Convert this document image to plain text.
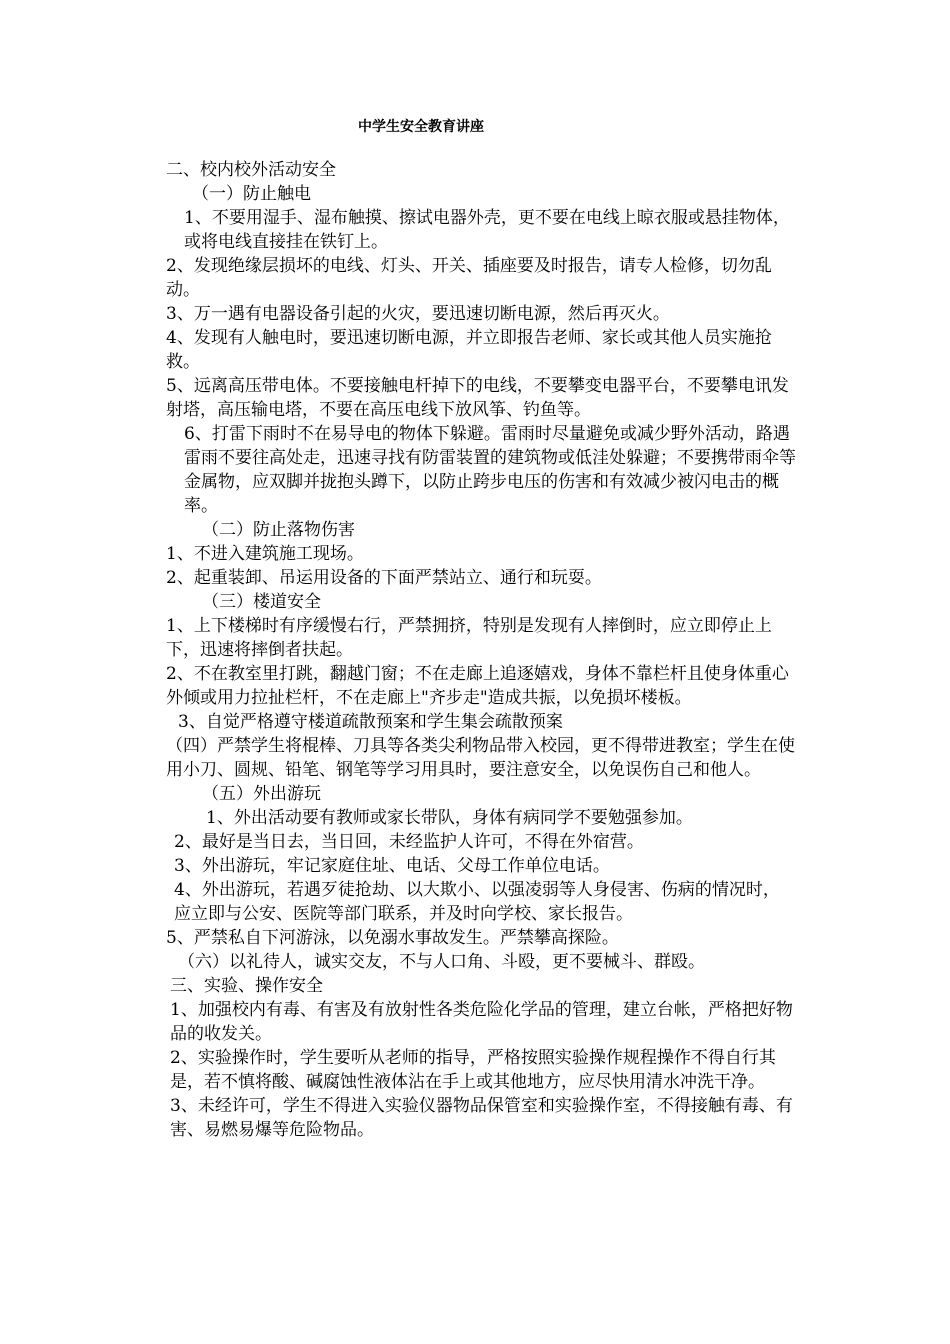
中学生安全教育讲座

二、校内校外活动安全

（一）防止触电

1、不要用湿手、湿布触摸、擦试电器外壳，更不要在电线上晾衣服或悬挂物体，或将电线直接挂在铁钉上。

2、发现绝缘层损坏的电线、灯头、开关、插座要及时报告，请专人检修，切勿乱动。

3、万一遇有电器设备引起的火灾，要迅速切断电源，然后再灭火。

4、发现有人触电时，要迅速切断电源，并立即报告老师、家长或其他人员实施抢救。

5、远离高压带电体。不要接触电杆掉下的电线，不要攀变电器平台，不要攀电讯发射塔，高压输电塔，不要在高压电线下放风筝、钓鱼等。

6、打雷下雨时不在易导电的物体下躲避。雷雨时尽量避免或减少野外活动，路遇雷雨不要往高处走，迅速寻找有防雷装置的建筑物或低洼处躲避；不要携带雨伞等金属物，应双脚并拢抱头蹲下，以防止跨步电压的伤害和有效减少被闪电击的概率。

（二）防止落物伤害

1、不进入建筑施工现场。

2、起重装卸、吊运用设备的下面严禁站立、通行和玩耍。

（三）楼道安全

1、上下楼梯时有序缓慢右行，严禁拥挤，特别是发现有人摔倒时，应立即停止上下，迅速将摔倒者扶起。

2、不在教室里打跳，翻越门窗；不在走廊上追逐嬉戏，身体不靠栏杆且使身体重心外倾或用力拉扯栏杆，不在走廊上"齐步走"造成共振，以免损坏楼板。

3、自觉严格遵守楼道疏散预案和学生集会疏散预案

（四）严禁学生将棍棒、刀具等各类尖利物品带入校园，更不得带进教室；学生在使用小刀、圆规、铅笔、钢笔等学习用具时，要注意安全，以免误伤自己和他人。

（五）外出游玩

1、外出活动要有教师或家长带队，身体有病同学不要勉强参加。

2、最好是当日去，当日回，未经监护人许可，不得在外宿营。

3、外出游玩，牢记家庭住址、电话、父母工作单位电话。

4、外出游玩，若遇歹徒抢劫、以大欺小、以强凌弱等人身侵害、伤病的情况时，应立即与公安、医院等部门联系，并及时向学校、家长报告。

5、严禁私自下河游泳，以免溺水事故发生。严禁攀高探险。

（六）以礼待人，诚实交友，不与人口角、斗殴，更不要械斗、群殴。

三、实验、操作安全

1、加强校内有毒、有害及有放射性各类危险化学品的管理，建立台帐，严格把好物品的收发关。

2、实验操作时，学生要听从老师的指导，严格按照实验操作规程操作不得自行其是，若不慎将酸、碱腐蚀性液体沾在手上或其他地方，应尽快用清水冲洗干净。

3、未经许可，学生不得进入实验仪器物品保管室和实验操作室，不得接触有毒、有害、易燃易爆等危险物品。
